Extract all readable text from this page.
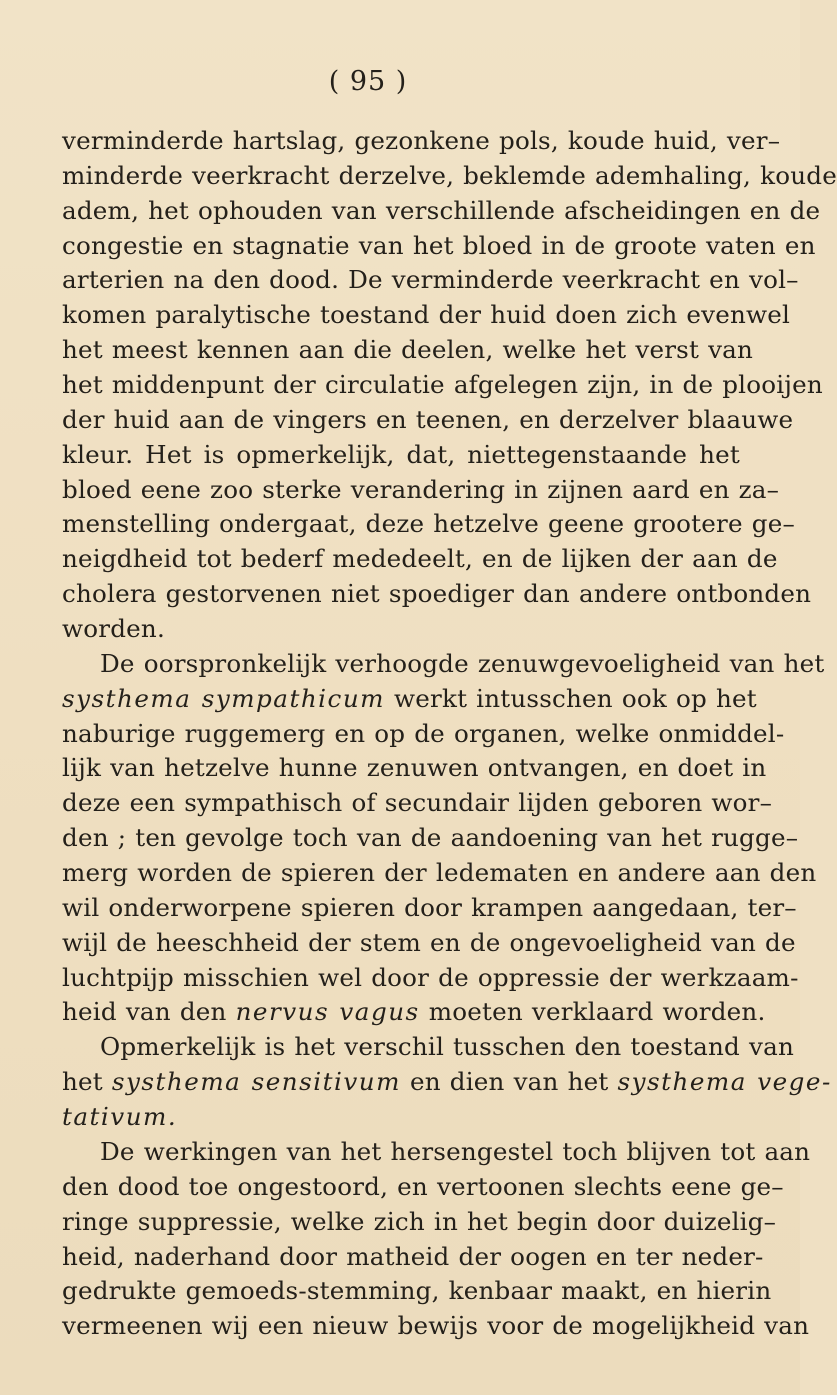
( 95 )
verminderde hartslag, gezonkene pols, koude huid, ver–
minderde veerkracht derzelve, beklemde ademhaling, koude
adem, het ophouden van verschillende afscheidingen en de
congestie en stagnatie van het bloed in de groote vaten en
arterien na den dood. De verminderde veerkracht en vol–
komen paralytische toestand der huid doen zich evenwel
het meest kennen aan die deelen, welke het verst van
het middenpunt der circulatie afgelegen zijn, in de plooijen
der huid aan de vingers en teenen, en derzelver blaauwe
kleur. Het is opmerkelijk, dat, niettegenstaande het
bloed eene zoo sterke verandering in zijnen aard en za–
menstelling ondergaat, deze hetzelve geene grootere ge–
neigdheid tot bederf mededeelt, en de lijken der aan de
cholera gestorvenen niet spoediger dan andere ontbonden
worden.
De oorspronkelijk verhoogde zenuwgevoeligheid van het
systhema sympathicum werkt intusschen ook op het
naburige ruggemerg en op de organen, welke onmiddel-
lijk van hetzelve hunne zenuwen ontvangen, en doet in
deze een sympathisch of secundair lijden geboren wor–
den ; ten gevolge toch van de aandoening van het rugge–
merg worden de spieren der ledematen en andere aan den
wil onderworpene spieren door krampen aangedaan, ter–
wijl de heeschheid der stem en de ongevoeligheid van de
luchtpijp misschien wel door de oppressie der werkzaam-
heid van den nervus vagus moeten verklaard worden.
Opmerkelijk is het verschil tusschen den toestand van
het systhema sensitivum en dien van het systhema vege-
tativum.
De werkingen van het hersengestel toch blijven tot aan
den dood toe ongestoord, en vertoonen slechts eene ge–
ringe suppressie, welke zich in het begin door duizelig–
heid, naderhand door matheid der oogen en ter neder-
gedrukte gemoeds-stemming, kenbaar maakt, en hierin
vermeenen wij een nieuw bewijs voor de mogelijkheid van
